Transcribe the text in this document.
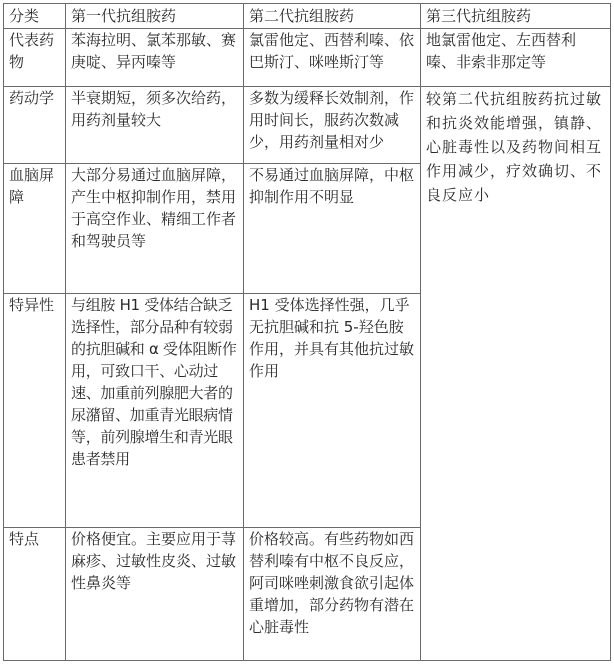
分类	第一代抗组胺药	第二代抗组胺药	第三代抗组胺药
代表药物	苯海拉明、氯苯那敏、赛庚啶、异丙嗪等	氯雷他定、西替利嗪、依巴斯汀、咪唑斯汀等	地氯雷他定、左西替利嗪、非索非那定等
药动学	半衰期短，须多次给药，用药剂量较大	多数为缓释长效制剂，作用时间长，服药次数减少，用药剂量相对少	较第二代抗组胺药抗过敏和抗炎效能增强，镇静、心脏毒性以及药物间相互作用减少，疗效确切、不良反应小
血脑屏障	大部分易通过血脑屏障，产生中枢抑制作用，禁用于高空作业、精细工作者和驾驶员等	不易通过血脑屏障，中枢抑制作用不明显	
特异性	与组胺 H1 受体结合缺乏选择性，部分品种有较弱的抗胆碱和 α 受体阻断作用，可致口干、心动过速、加重前列腺肥大者的尿潴留、加重青光眼病情等，前列腺增生和青光眼患者禁用	H1 受体选择性强，几乎无抗胆碱和抗 5-羟色胺作用，并具有其他抗过敏作用	
特点	价格便宜。主要应用于荨麻疹、过敏性皮炎、过敏性鼻炎等	价格较高。有些药物如西替利嗪有中枢不良反应，阿司咪唑刺激食欲引起体重增加，部分药物有潜在心脏毒性	
